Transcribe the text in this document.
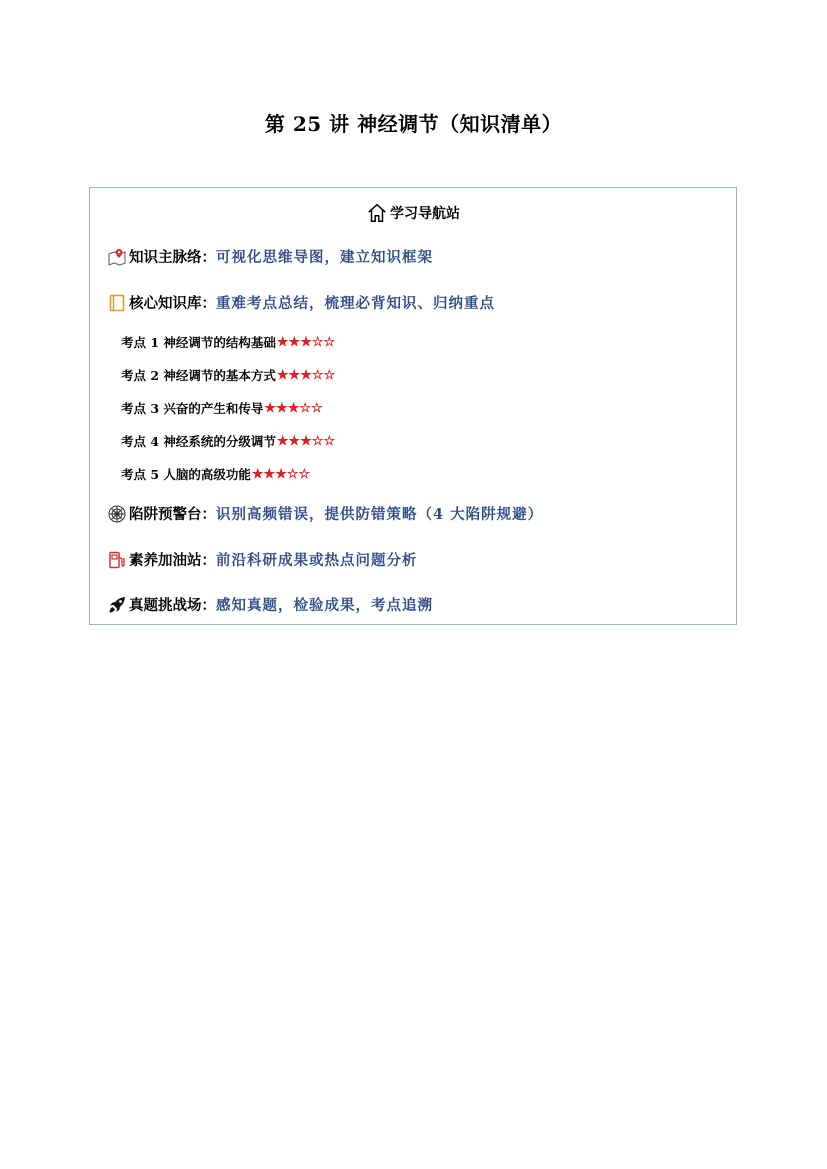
第 25 讲 神经调节（知识清单）
学习导航站
知识主脉络： 可视化思维导图，建立知识框架
核心知识库： 重难考点总结，梳理必背知识、归纳重点
考点 1 神经调节的结构基础 ★★★☆☆
考点 2 神经调节的基本方式 ★★★☆☆
考点 3 兴奋的产生和传导 ★★★☆☆
考点 4 神经系统的分级调节 ★★★☆☆
考点 5 人脑的高级功能 ★★★☆☆
陷阱预警台： 识别高频错误，提供防错策略（4 大陷阱规避）
素养加油站： 前沿科研成果或热点问题分析
真题挑战场： 感知真题，检验成果，考点追溯
